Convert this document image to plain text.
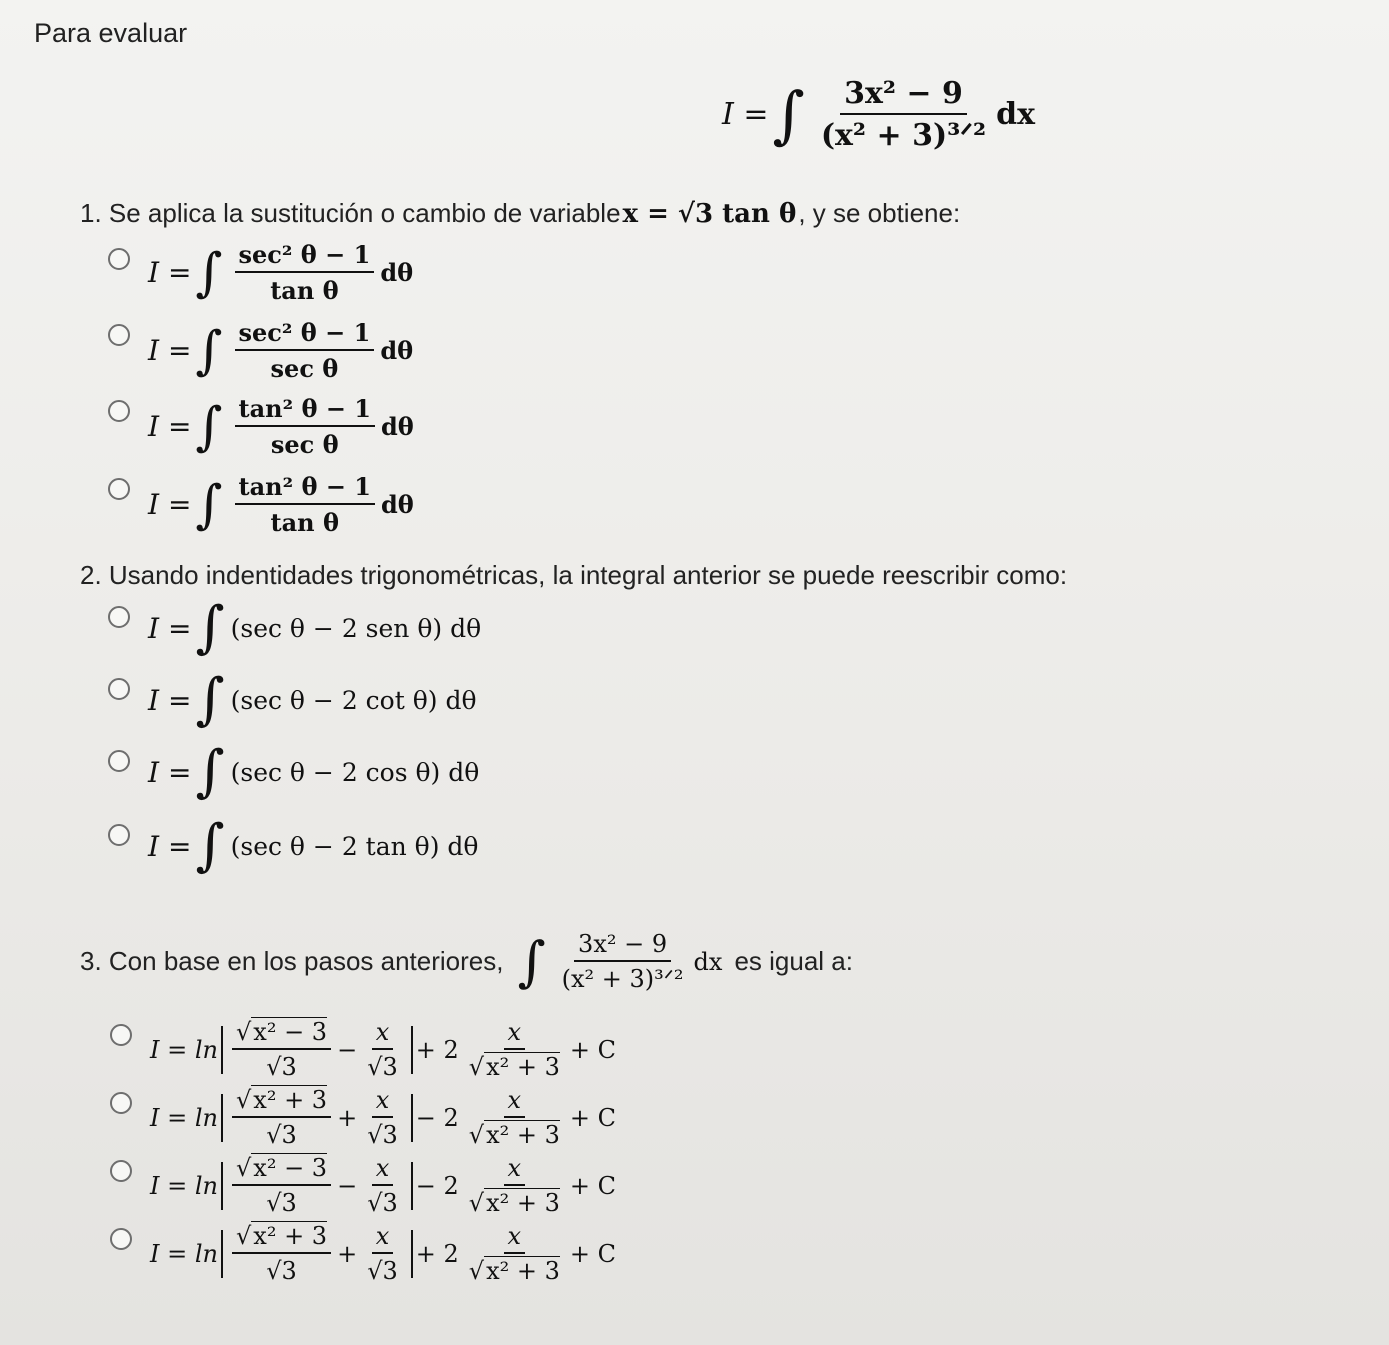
Para evaluar
I = ∫ $\frac{\text{3x² − 9}}{\text{(x² + 3)³ᐟ²}}$ dx
1. Se aplica la sustitución o cambio de variable x = √3 tan θ , y se obtiene:
I = ∫ $\frac{\text{sec² θ − 1}}{\text{tan θ}}$ dθ
I = ∫ $\frac{\text{sec² θ − 1}}{\text{sec θ}}$ dθ
I = ∫ $\frac{\text{tan² θ − 1}}{\text{sec θ}}$ dθ
I = ∫ $\frac{\text{tan² θ − 1}}{\text{tan θ}}$ dθ
2. Usando indentidades trigonométricas, la integral anterior se puede reescribir como:
I = ∫ (sec θ − 2 sen θ) dθ
I = ∫ (sec θ − 2 cot θ) dθ
I = ∫ (sec θ − 2 cos θ) dθ
I = ∫ (sec θ − 2 tan θ) dθ
3. Con base en los pasos anteriores, ∫ $\frac{\text{3x² − 9}}{\text{(x² + 3)³ᐟ²}}$ dx es igual a:
$I = \ln \frac{\text{√x² − 3}}{√3} - \frac{x}{√3} + 2 \frac{x}{\text{√x² + 3}} + C$
$I = \ln \frac{\text{√x² + 3}}{√3} + \frac{x}{√3} - 2 \frac{x}{\text{√x² + 3}} + C$
$I = \ln \frac{\text{√x² − 3}}{√3} - \frac{x}{√3} - 2 \frac{x}{\text{√x² + 3}} + C$
$I = \ln \frac{\text{√x² + 3}}{√3} + \frac{x}{√3} + 2 \frac{x}{\text{√x² + 3}} + C$
